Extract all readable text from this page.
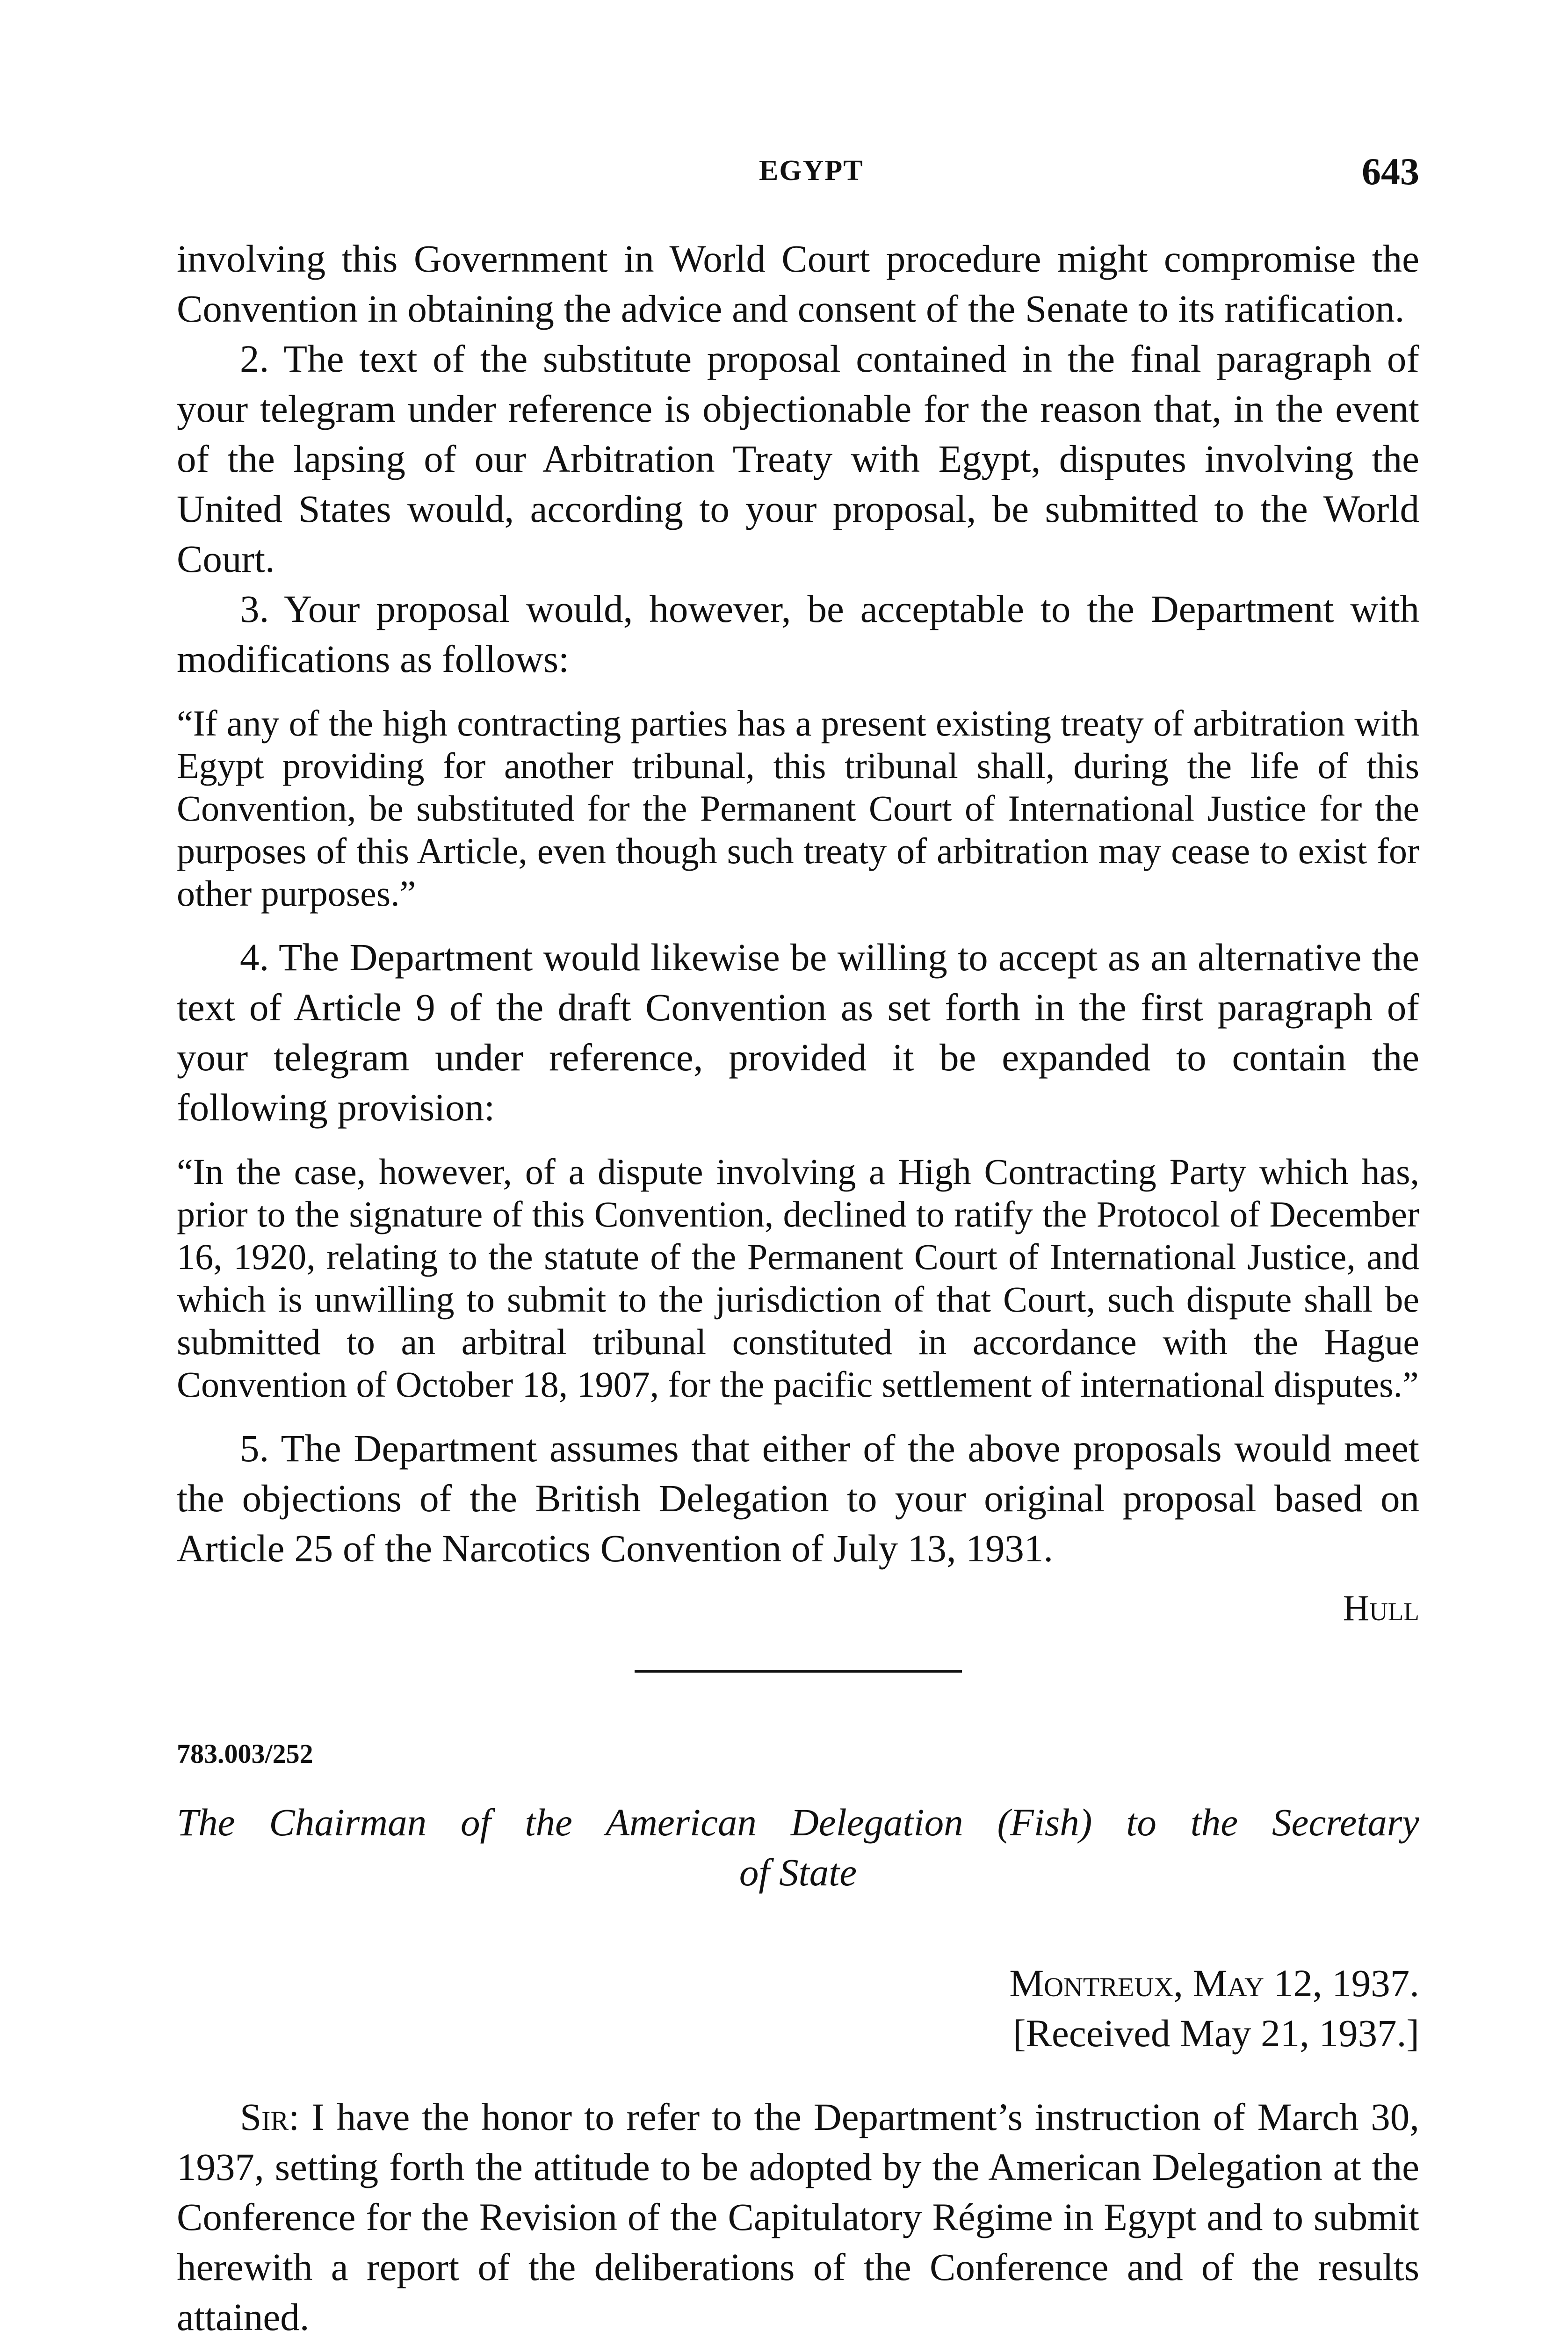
EGYPT	643

involving this Government in World Court procedure might compromise the Convention in obtaining the advice and consent of the Senate to its ratification.

2. The text of the substitute proposal contained in the final paragraph of your telegram under reference is objectionable for the reason that, in the event of the lapsing of our Arbitration Treaty with Egypt, disputes involving the United States would, according to your proposal, be submitted to the World Court.

3. Your proposal would, however, be acceptable to the Department with modifications as follows:

“If any of the high contracting parties has a present existing treaty of arbitration with Egypt providing for another tribunal, this tribunal shall, during the life of this Convention, be substituted for the Permanent Court of International Justice for the purposes of this Article, even though such treaty of arbitration may cease to exist for other purposes.”

4. The Department would likewise be willing to accept as an alternative the text of Article 9 of the draft Convention as set forth in the first paragraph of your telegram under reference, provided it be expanded to contain the following provision:

“In the case, however, of a dispute involving a High Contracting Party which has, prior to the signature of this Convention, declined to ratify the Protocol of December 16, 1920, relating to the statute of the Permanent Court of International Justice, and which is unwilling to submit to the jurisdiction of that Court, such dispute shall be submitted to an arbitral tribunal constituted in accordance with the Hague Convention of October 18, 1907, for the pacific settlement of international disputes.”

5. The Department assumes that either of the above proposals would meet the objections of the British Delegation to your original proposal based on Article 25 of the Narcotics Convention of July 13, 1931.

Hull
783.003/252
The Chairman of the American Delegation (Fish) to the Secretary
of State
Montreux, May 12, 1937.
[Received May 21, 1937.]

Sir: I have the honor to refer to the Department’s instruction of March 30, 1937, setting forth the attitude to be adopted by the American Delegation at the Conference for the Revision of the Capitulatory Régime in Egypt and to submit herewith a report of the deliberations of the Conference and of the results attained.
